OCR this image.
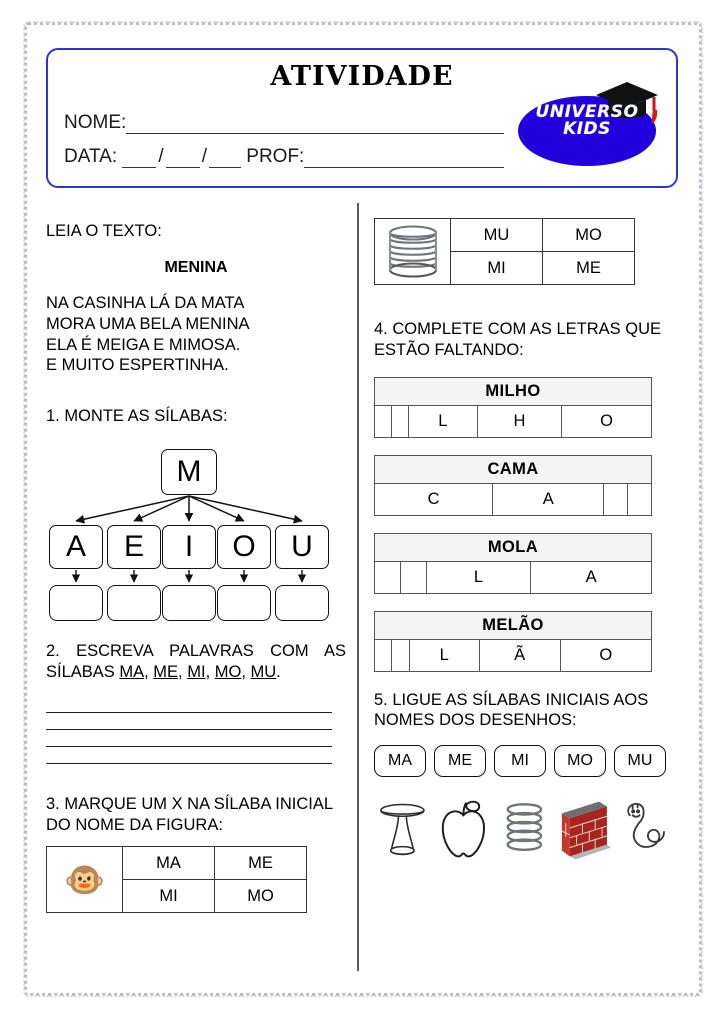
ATIVIDADE
NOME:
DATA: / / PROF:
UNIVERSO
KIDS
LEIA O TEXTO:
MENINA
NA CASINHA LÁ DA MATA
MORA UMA BELA MENINA
ELA É MEIGA E MIMOSA.
E MUITO ESPERTINHA.
1. MONTE AS SÍLABAS:
M
A	E	I	O	U
2. ESCREVA PALAVRAS COM AS SÍLABAS MA, ME, MI, MO, MU.
3. MARQUE UM X NA SÍLABA INICIAL DO NOME DA FIGURA:
🐵	MA	ME
	MI	MO
	MU	MO
	MI	ME
4. COMPLETE COM AS LETRAS QUE ESTÃO FALTANDO:
MILHO
		L	H	O
CAMA
C	A		
MOLA
		L	A
MELÃO
		L	Ã	O
5. LIGUE AS SÍLABAS INICIAIS AOS NOMES DOS DESENHOS:
MA	ME	MI	MO	MU
